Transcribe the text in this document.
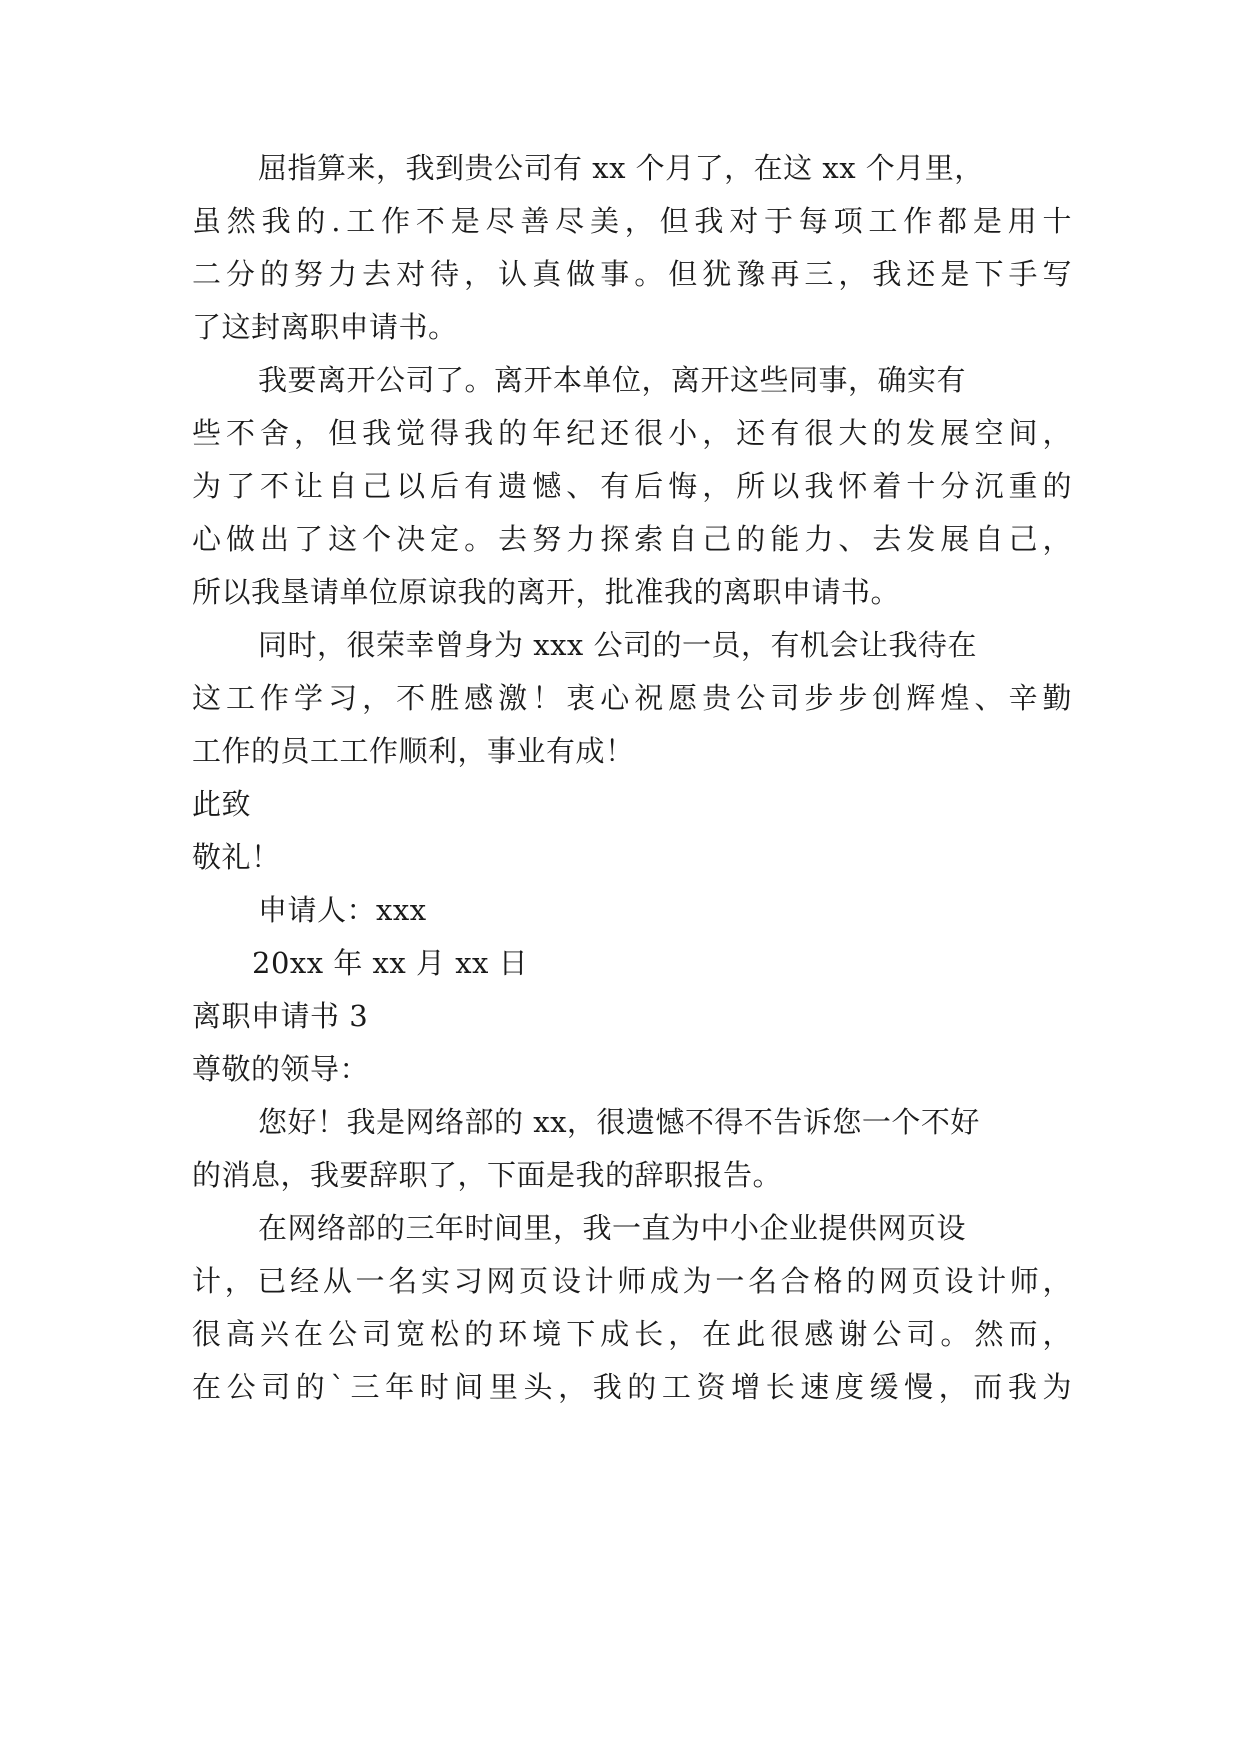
屈指算来，我到贵公司有 xx 个月了，在这 xx 个月里，
虽然我的.工作不是尽善尽美，但我对于每项工作都是用十
二分的努力去对待，认真做事。但犹豫再三，我还是下手写
了这封离职申请书。
我要离开公司了。离开本单位，离开这些同事，确实有
些不舍，但我觉得我的年纪还很小，还有很大的发展空间，
为了不让自己以后有遗憾、有后悔，所以我怀着十分沉重的
心做出了这个决定。去努力探索自己的能力、去发展自己，
所以我垦请单位原谅我的离开，批准我的离职申请书。
同时，很荣幸曾身为 xxx 公司的一员，有机会让我待在
这工作学习，不胜感激！衷心祝愿贵公司步步创辉煌、辛勤
工作的员工工作顺利，事业有成！
此致
敬礼！
申请人：xxx
20xx 年 xx 月 xx 日
离职申请书 3
尊敬的领导：
您好！我是网络部的 xx，很遗憾不得不告诉您一个不好
的消息，我要辞职了，下面是我的辞职报告。
在网络部的三年时间里，我一直为中小企业提供网页设
计，已经从一名实习网页设计师成为一名合格的网页设计师，
很高兴在公司宽松的环境下成长，在此很感谢公司。然而，
在公司的`三年时间里头，我的工资增长速度缓慢，而我为
